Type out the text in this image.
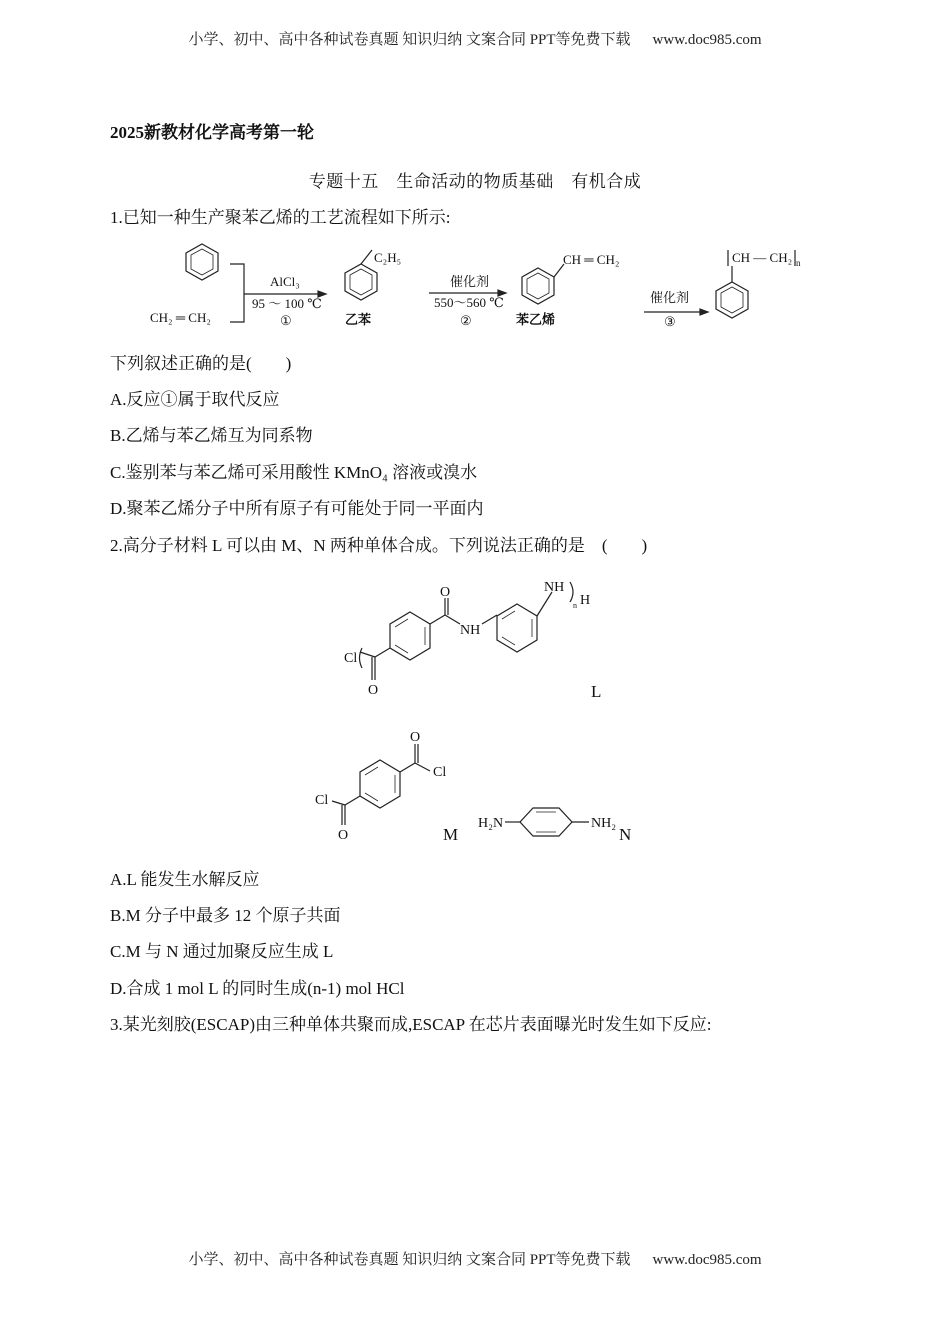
小学、初中、高中各种试卷真题 知识归纳 文案合同 PPT等免费下载 www.doc985.com
2025新教材化学高考第一轮
专题十五　生命活动的物质基础　有机合成
1.已知一种生产聚苯乙烯的工艺流程如下所示:
CH₂ ═ CH₂
AlCl₃
95 ～ 100 ℃
①
C₂H₅
乙苯
催化剂
550～560 ℃
②
CH ═ CH₂
苯乙烯
催化剂
③
CH — CH₂ n
下列叙述正确的是(　　)
A.反应①属于取代反应
B.乙烯与苯乙烯互为同系物
C.鉴别苯与苯乙烯可采用酸性 KMnO₄ 溶液或溴水
D.聚苯乙烯分子中所有原子有可能处于同一平面内
2.高分子材料 L 可以由 M、N 两种单体合成。下列说法正确的是　(　　)
O
NH
O
Cl
NH
H
n
L
O
Cl
O
Cl
M
H₂N	NH₂
N
A.L 能发生水解反应
B.M 分子中最多 12 个原子共面
C.M 与 N 通过加聚反应生成 L
D.合成 1 mol L 的同时生成(n-1) mol HCl
3.某光刻胶(ESCAP)由三种单体共聚而成,ESCAP 在芯片表面曝光时发生如下反应:
小学、初中、高中各种试卷真题 知识归纳 文案合同 PPT等免费下载 www.doc985.com
